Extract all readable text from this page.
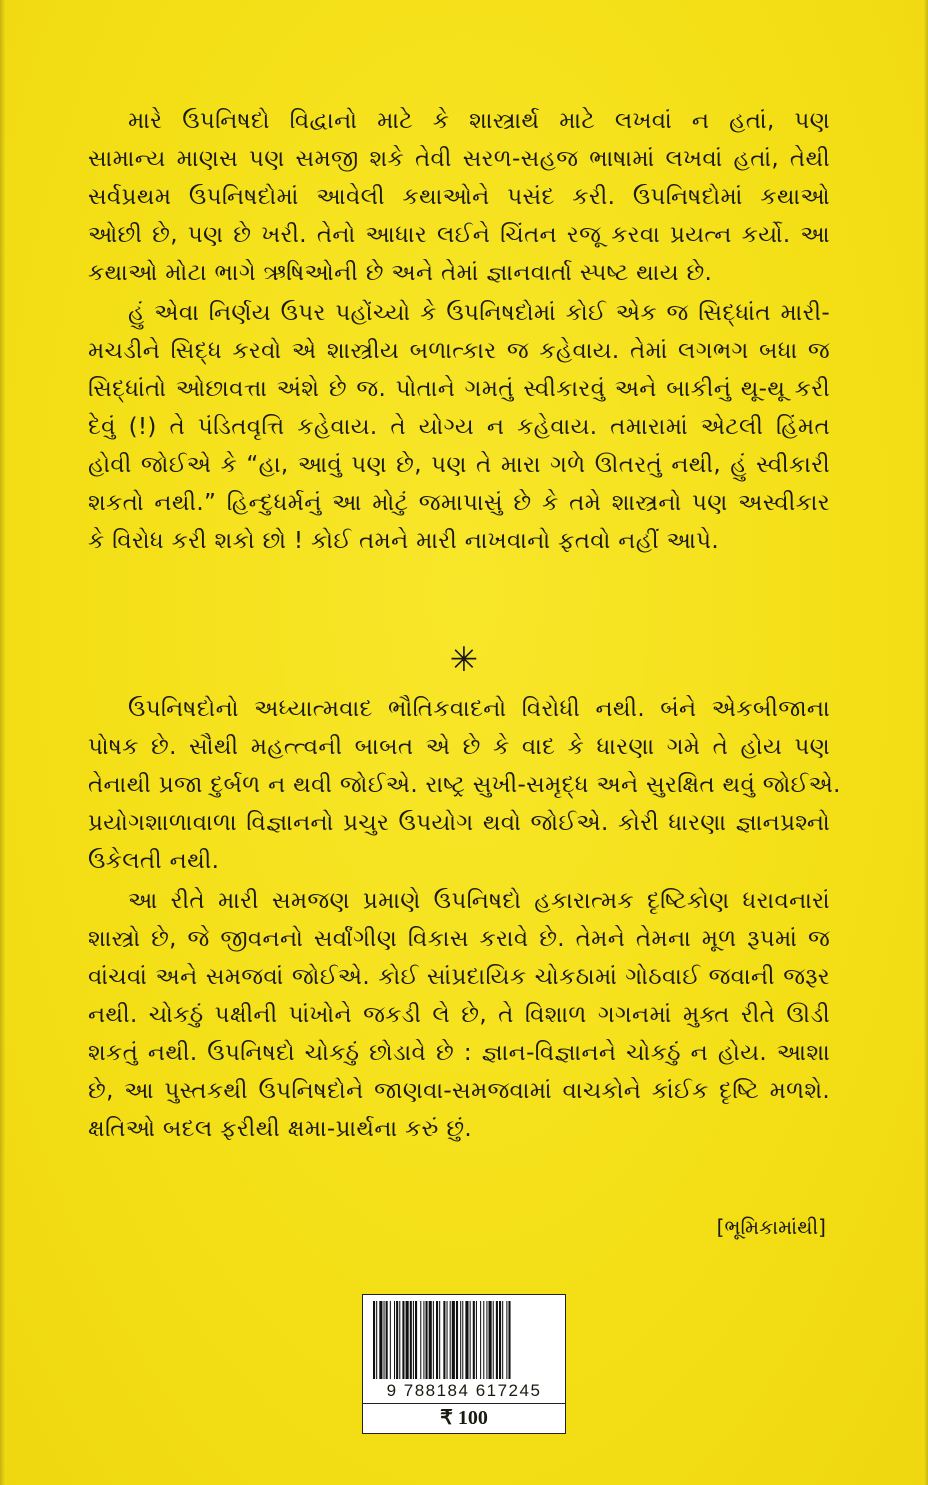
મારે ઉપનિષદો વિદ્વાનો માટે કે શાસ્ત્રાર્થ માટે લખવાં ન હતાં, પણ
સામાન્ય માણસ પણ સમજી શકે તેવી સરળ-સહજ ભાષામાં લખવાં હતાં, તેથી
સર્વપ્રથમ ઉપનિષદોમાં આવેલી કથાઓને પસંદ કરી. ઉપનિષદોમાં કથાઓ
ઓછી છે, પણ છે ખરી. તેનો આધાર લઈને ચિંતન રજૂ કરવા પ્રયત્ન કર્યો. આ
કથાઓ મોટા ભાગે ઋષિઓની છે અને તેમાં જ્ઞાનવાર્તા સ્પષ્ટ થાય છે.
હું એવા નિર્ણય ઉપર પહોંચ્યો કે ઉપનિષદોમાં કોઈ એક જ સિદ્ધાંત મારી-
મચડીને સિદ્ધ કરવો એ શાસ્ત્રીય બળાત્કાર જ કહેવાય. તેમાં લગભગ બધા જ
સિદ્ધાંતો ઓછાવત્તા અંશે છે જ. પોતાને ગમતું સ્વીકારવું અને બાકીનું થૂ-થૂ કરી
દેવું (!) તે પંડિતવૃત્તિ કહેવાય. તે યોગ્ય ન કહેવાય. તમારામાં એટલી હિંમત
હોવી જોઈએ કે “હા, આવું પણ છે, પણ તે મારા ગળે ઊતરતું નથી, હું સ્વીકારી
શકતો નથી.” હિન્દુધર્મનું આ મોટું જમાપાસું છે કે તમે શાસ્ત્રનો પણ અસ્વીકાર
કે વિરોધ કરી શકો છો ! કોઈ તમને મારી નાખવાનો ફતવો નહીં આપે.
✳
ઉપનિષદોનો અધ્યાત્મવાદ ભૌતિકવાદનો વિરોધી નથી. બંને એકબીજાના
પોષક છે. સૌથી મહત્ત્વની બાબત એ છે કે વાદ કે ધારણા ગમે તે હોય પણ
તેનાથી પ્રજા દુર્બળ ન થવી જોઈએ. રાષ્ટ્ર સુખી-સમૃદ્ધ અને સુરક્ષિત થવું જોઈએ.
પ્રયોગશાળાવાળા વિજ્ઞાનનો પ્રચુર ઉપયોગ થવો જોઈએ. કોરી ધારણા જ્ઞાનપ્રશ્નો
ઉકેલતી નથી.
આ રીતે મારી સમજણ પ્રમાણે ઉપનિષદો હકારાત્મક દૃષ્ટિકોણ ધરાવનારાં
શાસ્ત્રો છે, જે જીવનનો સર્વાંગીણ વિકાસ કરાવે છે. તેમને તેમના મૂળ રૂપમાં જ
વાંચવાં અને સમજવાં જોઈએ. કોઈ સાંપ્રદાયિક ચોકઠામાં ગોઠવાઈ જવાની જરૂર
નથી. ચોકઠું પક્ષીની પાંખોને જકડી લે છે, તે વિશાળ ગગનમાં મુક્ત રીતે ઊડી
શકતું નથી. ઉપનિષદો ચોકઠું છોડાવે છે : જ્ઞાન-વિજ્ઞાનને ચોકઠું ન હોય. આશા
છે, આ પુસ્તકથી ઉપનિષદોને જાણવા-સમજવામાં વાચકોને કાંઈક દૃષ્ટિ મળશે.
ક્ષતિઓ બદલ ફરીથી ક્ષમા-પ્રાર્થના કરું છું.
[ભૂમિકામાંથી]
9 788184 617245
₹ 100
